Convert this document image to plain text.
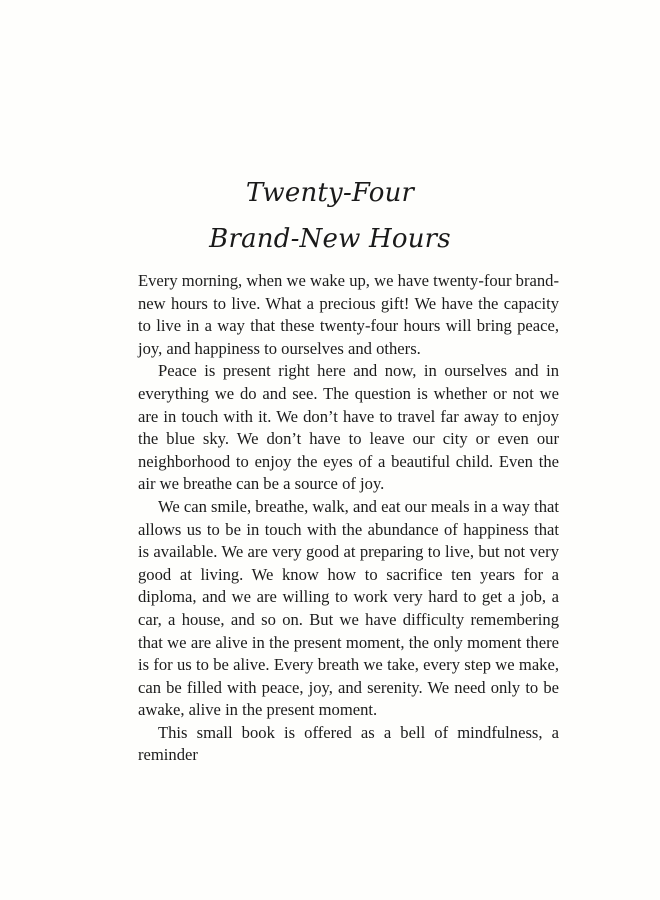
Twenty-Four
Brand-New Hours

Every morning, when we wake up, we have twenty-four brand-new hours to live. What a precious gift! We have the capacity to live in a way that these twenty-four hours will bring peace, joy, and happiness to ourselves and others.

Peace is present right here and now, in ourselves and in everything we do and see. The question is whether or not we are in touch with it. We don’t have to travel far away to enjoy the blue sky. We don’t have to leave our city or even our neighborhood to enjoy the eyes of a beautiful child. Even the air we breathe can be a source of joy.

We can smile, breathe, walk, and eat our meals in a way that allows us to be in touch with the abundance of happiness that is available. We are very good at preparing to live, but not very good at living. We know how to sacrifice ten years for a diploma, and we are willing to work very hard to get a job, a car, a house, and so on. But we have difficulty remembering that we are alive in the present moment, the only moment there is for us to be alive. Every breath we take, every step we make, can be filled with peace, joy, and serenity. We need only to be awake, alive in the present moment.

This small book is offered as a bell of mindfulness, a reminder
